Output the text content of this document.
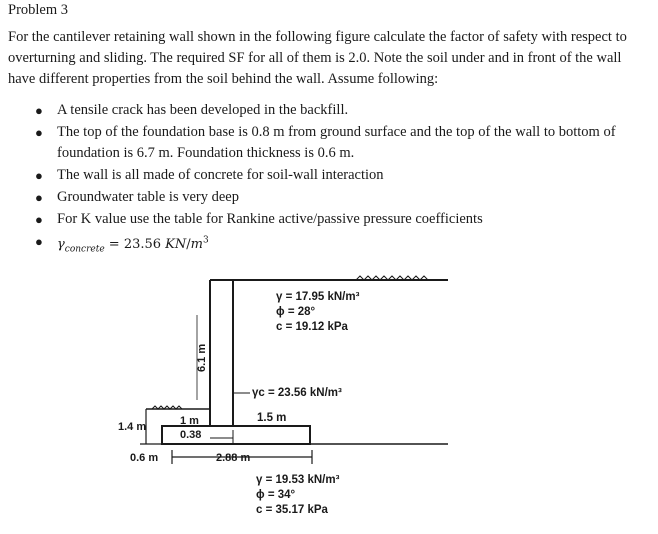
Problem 3

For the cantilever retaining wall shown in the following figure calculate the factor of safety with respect to overturning and sliding. The required SF for all of them is 2.0. Note the soil under and in front of the wall have different properties from the soil behind the wall. Assume following:

● A tensile crack has been developed in the backfill.
● The top of the foundation base is 0.8 m from ground surface and the top of the wall to bottom of foundation is 6.7 m. Foundation thickness is 0.6 m.
● The wall is all made of concrete for soil-wall interaction
● Groundwater table is very deep
● For K value use the table for Rankine active/passive pressure coefficients
● $\gamma_{concrete} = 23.56$ $KN/m^3$
γ = 17.95 kN/m³
ϕ = 28°
c = 19.12 kPa
6.1 m
γc = 23.56 kN/m³
1.5 m
1.4 m	1 m
0.38
0.6 m	2.88 m
γ = 19.53 kN/m³
ϕ = 34°
c = 35.17 kPa
